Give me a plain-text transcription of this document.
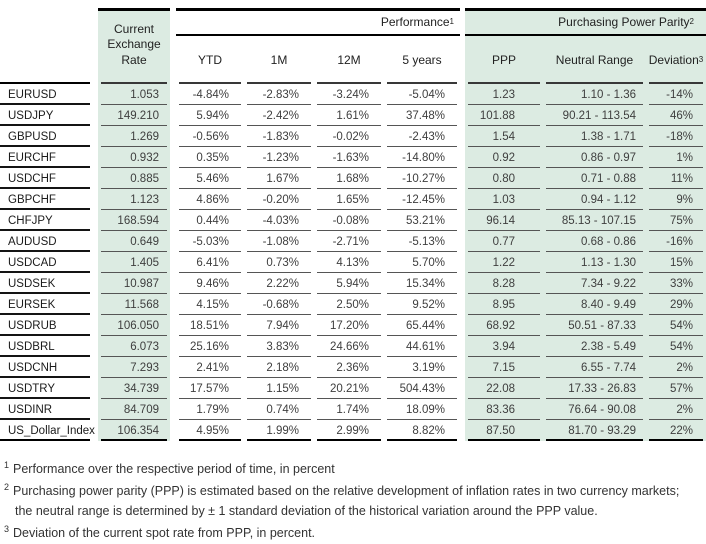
Current Exchange Rate
Performance 1	Purchasing Power Parity 2
YTD	1M	12M	5 years	PPP	Neutral Range	Deviation 3
EURUSD	1.053	-4.84%	-2.83%	-3.24%	-5.04%	1.23	1.10 - 1.36	-14%
USDJPY	149.210	5.94%	-2.42%	1.61%	37.48%	101.88	90.21 - 113.54	46%
GBPUSD	1.269	-0.56%	-1.83%	-0.02%	-2.43%	1.54	1.38 - 1.71	-18%
EURCHF	0.932	0.35%	-1.23%	-1.63%	-14.80%	0.92	0.86 - 0.97	1%
USDCHF	0.885	5.46%	1.67%	1.68%	-10.27%	0.80	0.71 - 0.88	11%
GBPCHF	1.123	4.86%	-0.20%	1.65%	-12.45%	1.03	0.94 - 1.12	9%
CHFJPY	168.594	0.44%	-4.03%	-0.08%	53.21%	96.14	85.13 - 107.15	75%
AUDUSD	0.649	-5.03%	-1.08%	-2.71%	-5.13%	0.77	0.68 - 0.86	-16%
USDCAD	1.405	6.41%	0.73%	4.13%	5.70%	1.22	1.13 - 1.30	15%
USDSEK	10.987	9.46%	2.22%	5.94%	15.34%	8.28	7.34 - 9.22	33%
EURSEK	11.568	4.15%	-0.68%	2.50%	9.52%	8.95	8.40 - 9.49	29%
USDRUB	106.050	18.51%	7.94%	17.20%	65.44%	68.92	50.51 - 87.33	54%
USDBRL	6.073	25.16%	3.83%	24.66%	44.61%	3.94	2.38 - 5.49	54%
USDCNH	7.293	2.41%	2.18%	2.36%	3.19%	7.15	6.55 - 7.74	2%
USDTRY	34.739	17.57%	1.15%	20.21%	504.43%	22.08	17.33 - 26.83	57%
USDINR	84.709	1.79%	0.74%	1.74%	18.09%	83.36	76.64 - 90.08	2%
US_Dollar_Index	106.354	4.95%	1.99%	2.99%	8.82%	87.50	81.70 - 93.29	22%
$^1$ Performance over the respective period of time, in percent
$^2$ Purchasing power parity (PPP) is estimated based on the relative development of inflation rates in two currency markets;
the neutral range is determined by ± 1 standard deviation of the historical variation around the PPP value.
$^3$ Deviation of the current spot rate from PPP, in percent.
